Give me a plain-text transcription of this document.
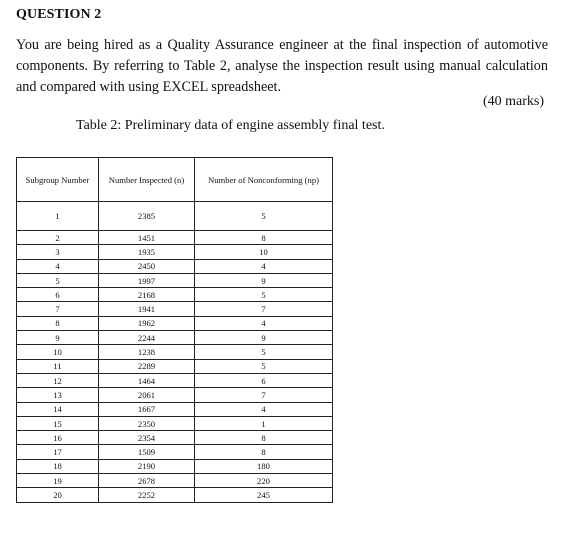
QUESTION 2
You are being hired as a Quality Assurance engineer at the final inspection of automotive components. By referring to Table 2, analyse the inspection result using manual calculation and compared with using EXCEL spreadsheet.
(40 marks)
Table 2: Preliminary data of engine assembly final test.
Subgroup Number	Number Inspected (n)	Number of Nonconforming (np)
1	2385	5
2	1451	8
3	1935	10
4	2450	4
5	1997	9
6	2168	5
7	1941	7
8	1962	4
9	2244	9
10	1238	5
11	2289	5
12	1464	6
13	2061	7
14	1667	4
15	2350	1
16	2354	8
17	1509	8
18	2190	180
19	2678	220
20	2252	245
